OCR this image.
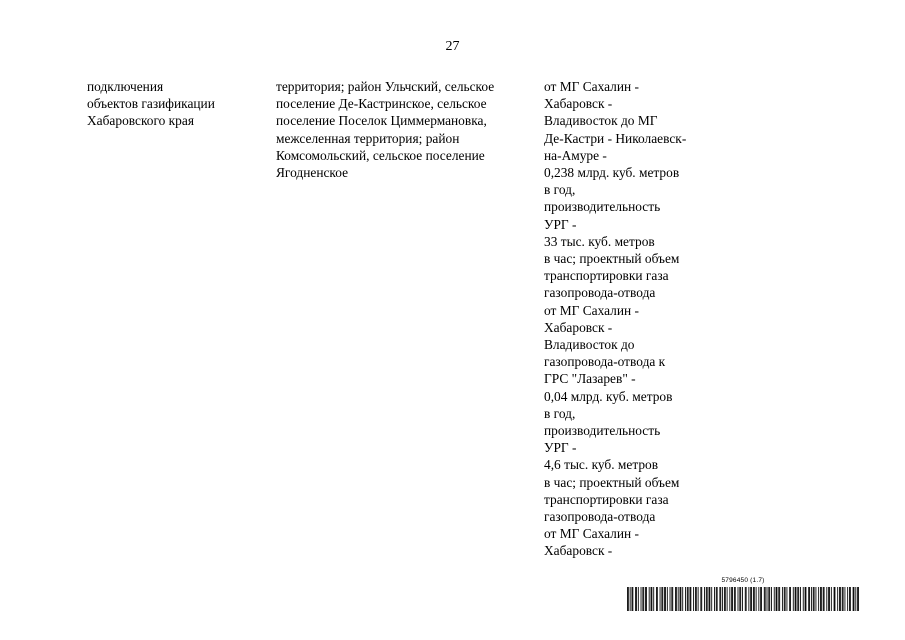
27
подключения
объектов газификации
Хабаровского края
территория; район Ульчский, сельское
поселение Де-Кастринское, сельское
поселение Поселок Циммермановка,
межселенная территория; район
Комсомольский, сельское поселение
Ягодненское
от МГ Сахалин -
Хабаровск -
Владивосток до МГ
Де-Кастри - Николаевск-
на-Амуре -
0,238 млрд. куб. метров
в год,
производительность
УРГ -
33 тыс. куб. метров
в час; проектный объем
транспортировки газа
газопровода-отвода
от МГ Сахалин -
Хабаровск -
Владивосток до
газопровода-отвода к
ГРС "Лазарев" -
0,04 млрд. куб. метров
в год,
производительность
УРГ -
4,6 тыс. куб. метров
в час; проектный объем
транспортировки газа
газопровода-отвода
от МГ Сахалин -
Хабаровск -
5796450 (1.7)
